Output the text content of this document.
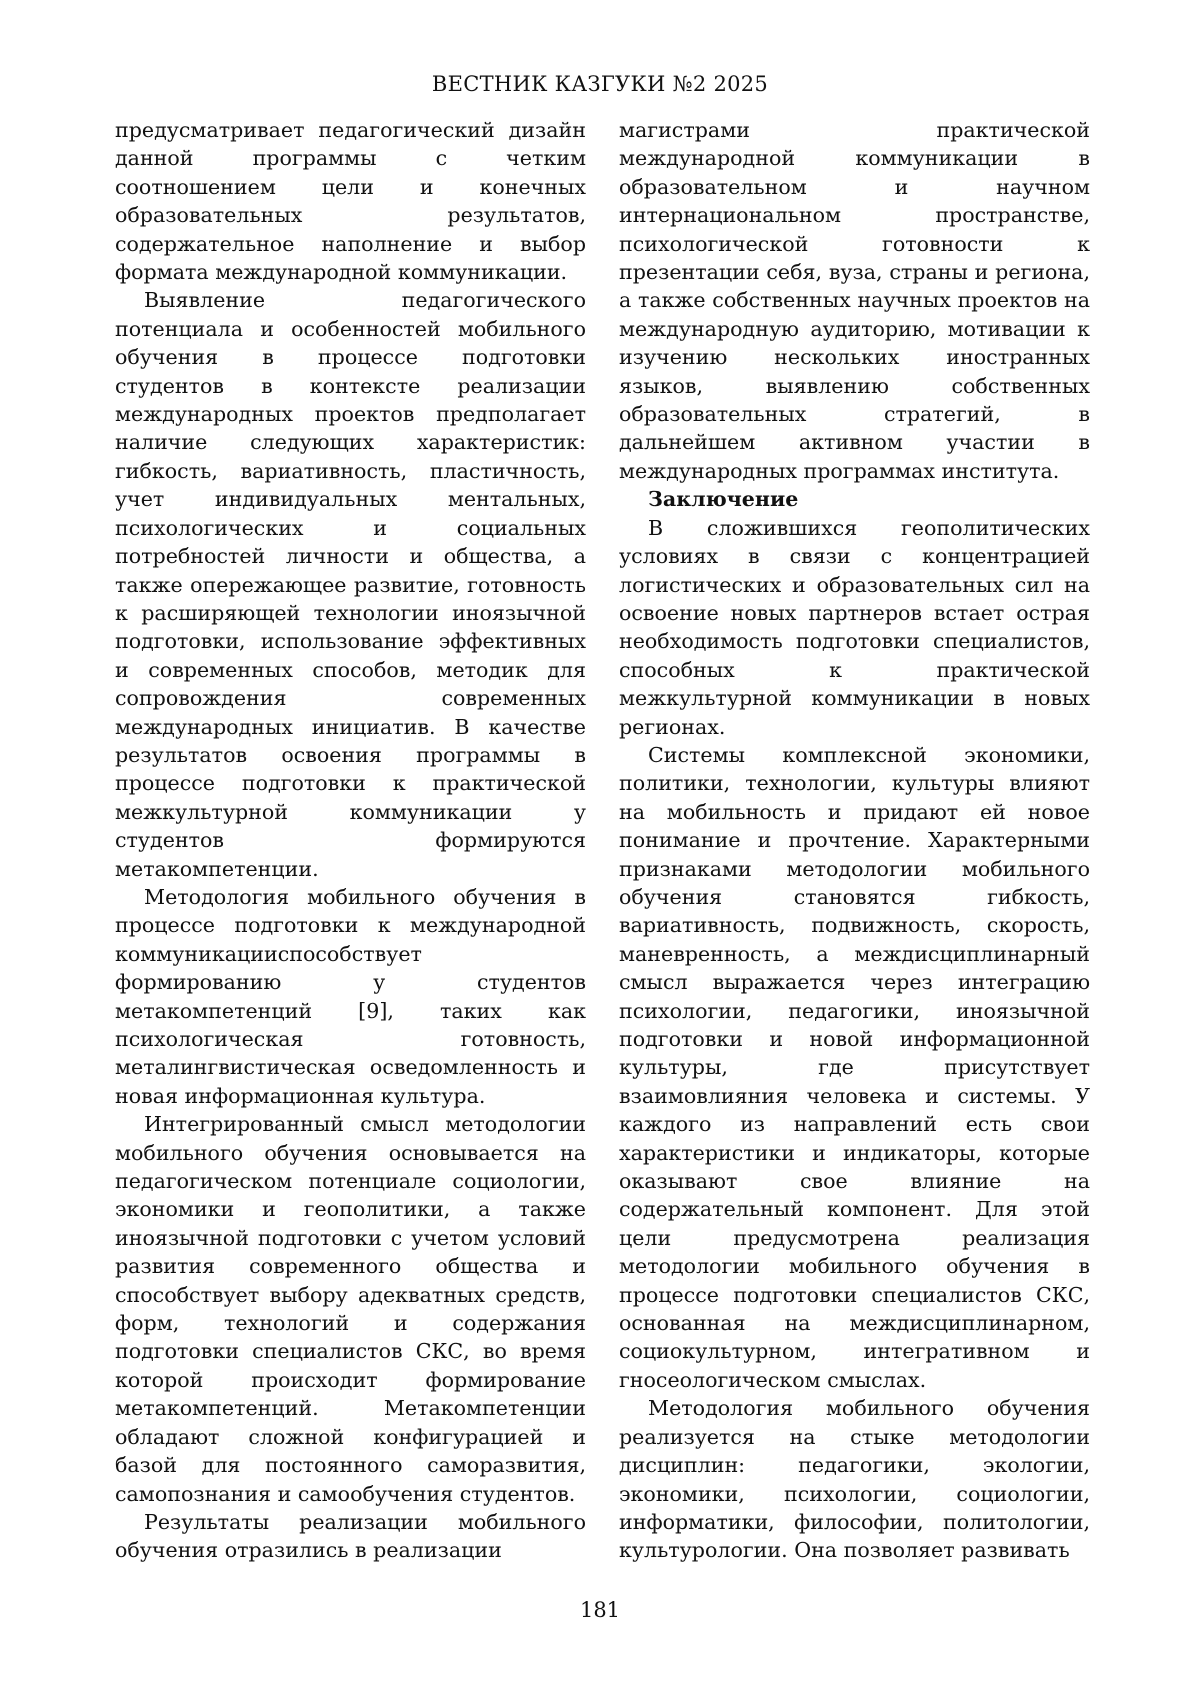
ВЕСТНИК КАЗГУКИ №2 2025

предусматривает педагогический дизайн данной программы с четким соотношением цели и конечных образовательных результатов, содержательное наполнение и выбор формата международной коммуникации.

Выявление педагогического потенциала и особенностей мобильного обучения в процессе подготовки студентов в контексте реализации международных проектов предполагает наличие следующих характеристик: гибкость, вариативность, пластичность, учет индивидуальных ментальных, психологических и социальных потребностей личности и общества, а также опережающее развитие, готовность к расширяющей технологии иноязычной подготовки, использование эффективных и современных способов, методик для сопровождения современных международных инициатив. В качестве результатов освоения программы в процессе подготовки к практической межкультурной коммуникации у студентов формируются метакомпетенции.

Методология мобильного обучения в процессе подготовки к международной коммуникацииспособствует формированию у студентов метакомпетенций [9], таких как психологическая готовность, металингвистическая осведомленность и новая информационная культура.

Интегрированный смысл методологии мобильного обучения основывается на педагогическом потенциале социологии, экономики и геополитики, а также иноязычной подготовки с учетом условий развития современного общества и способствует выбору адекватных средств, форм, технологий и содержания подготовки специалистов СКС, во время которой происходит формирование метакомпетенций. Метакомпетенции обладают сложной конфигурацией и базой для постоянного саморазвития, самопознания и самообучения студентов.

Результаты реализации мобильного обучения отразились в реализации

магистрами практической международной коммуникации в образовательном и научном интернациональном пространстве, психологической готовности к презентации себя, вуза, страны и региона, а также собственных научных проектов на международную аудиторию, мотивации к изучению нескольких иностранных языков, выявлению собственных образовательных стратегий, в дальнейшем активном участии в международных программах института.

Заключение

В сложившихся геополитических условиях в связи с концентрацией логистических и образовательных сил на освоение новых партнеров встает острая необходимость подготовки специалистов, способных к практической межкультурной коммуникации в новых регионах.

Системы комплексной экономики, политики, технологии, культуры влияют на мобильность и придают ей новое понимание и прочтение. Характерными признаками методологии мобильного обучения становятся гибкость, вариативность, подвижность, скорость, маневренность, а междисциплинарный смысл выражается через интеграцию психологии, педагогики, иноязычной подготовки и новой информационной культуры, где присутствует взаимовлияния человека и системы. У каждого из направлений есть свои характеристики и индикаторы, которые оказывают свое влияние на содержательный компонент. Для этой цели предусмотрена реализация методологии мобильного обучения в процессе подготовки специалистов СКС, основанная на междисциплинарном, социокультурном, интегративном и гносеологическом смыслах.

Методология мобильного обучения реализуется на стыке методологии дисциплин: педагогики, экологии, экономики, психологии, социологии, информатики, философии, политологии, культурологии. Она позволяет развивать

181
